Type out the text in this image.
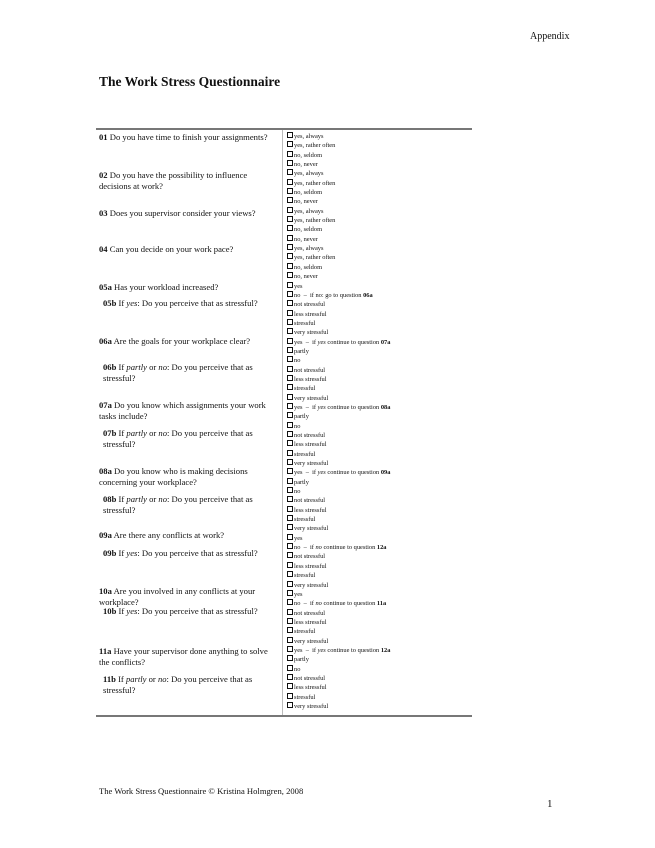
Appendix
The Work Stress Questionnaire
01 Do you have time to finish your assignments?
02 Do you have the possibility to influence decisions at work?
03 Does you supervisor consider your views?
04 Can you decide on your work pace?
05a Has your workload increased?
05b If yes: Do you perceive that as stressful?
06a Are the goals for your workplace clear?
06b If partly or no: Do you perceive that as stressful?
07a Do you know which assignments your work tasks include?
07b If partly or no: Do you perceive that as stressful?
08a Do you know who is making decisions concerning your workplace?
08b If partly or no: Do you perceive that as stressful?
09a Are there any conflicts at work?
09b If yes: Do you perceive that as stressful?
10a Are you involved in any conflicts at your workplace?
10b If yes: Do you perceive that as stressful?
11a Have your supervisor done anything to solve the conflicts?
11b If partly or no: Do you perceive that as stressful?
yes, always
yes, rather often
no, seldom
no, never
yes, always
yes, rather often
no, seldom
no, never
yes, always
yes, rather often
no, seldom
no, never
yes, always
yes, rather often
no, seldom
no, never
yes
no  –  if no: go to question 06a
not stressful
less stressful
stressful
very stressful
yes  –  if yes continue to question 07a
partly
no
not stressful
less stressful
stressful
very stressful
yes  –  if yes continue to question 08a
partly
no
not stressful
less stressful
stressful
very stressful
yes  –  if yes continue to question 09a
partly
no
not stressful
less stressful
stressful
very stressful
yes
no  –  if no continue to question 12a
not stressful
less stressful
stressful
very stressful
yes
no  –  if no continue to question 11a
not stressful
less stressful
stressful
very stressful
yes  –  if yes continue to question 12a
partly
no
not stressful
less stressful
stressful
very stressful
The Work Stress Questionnaire © Kristina Holmgren, 2008
1
